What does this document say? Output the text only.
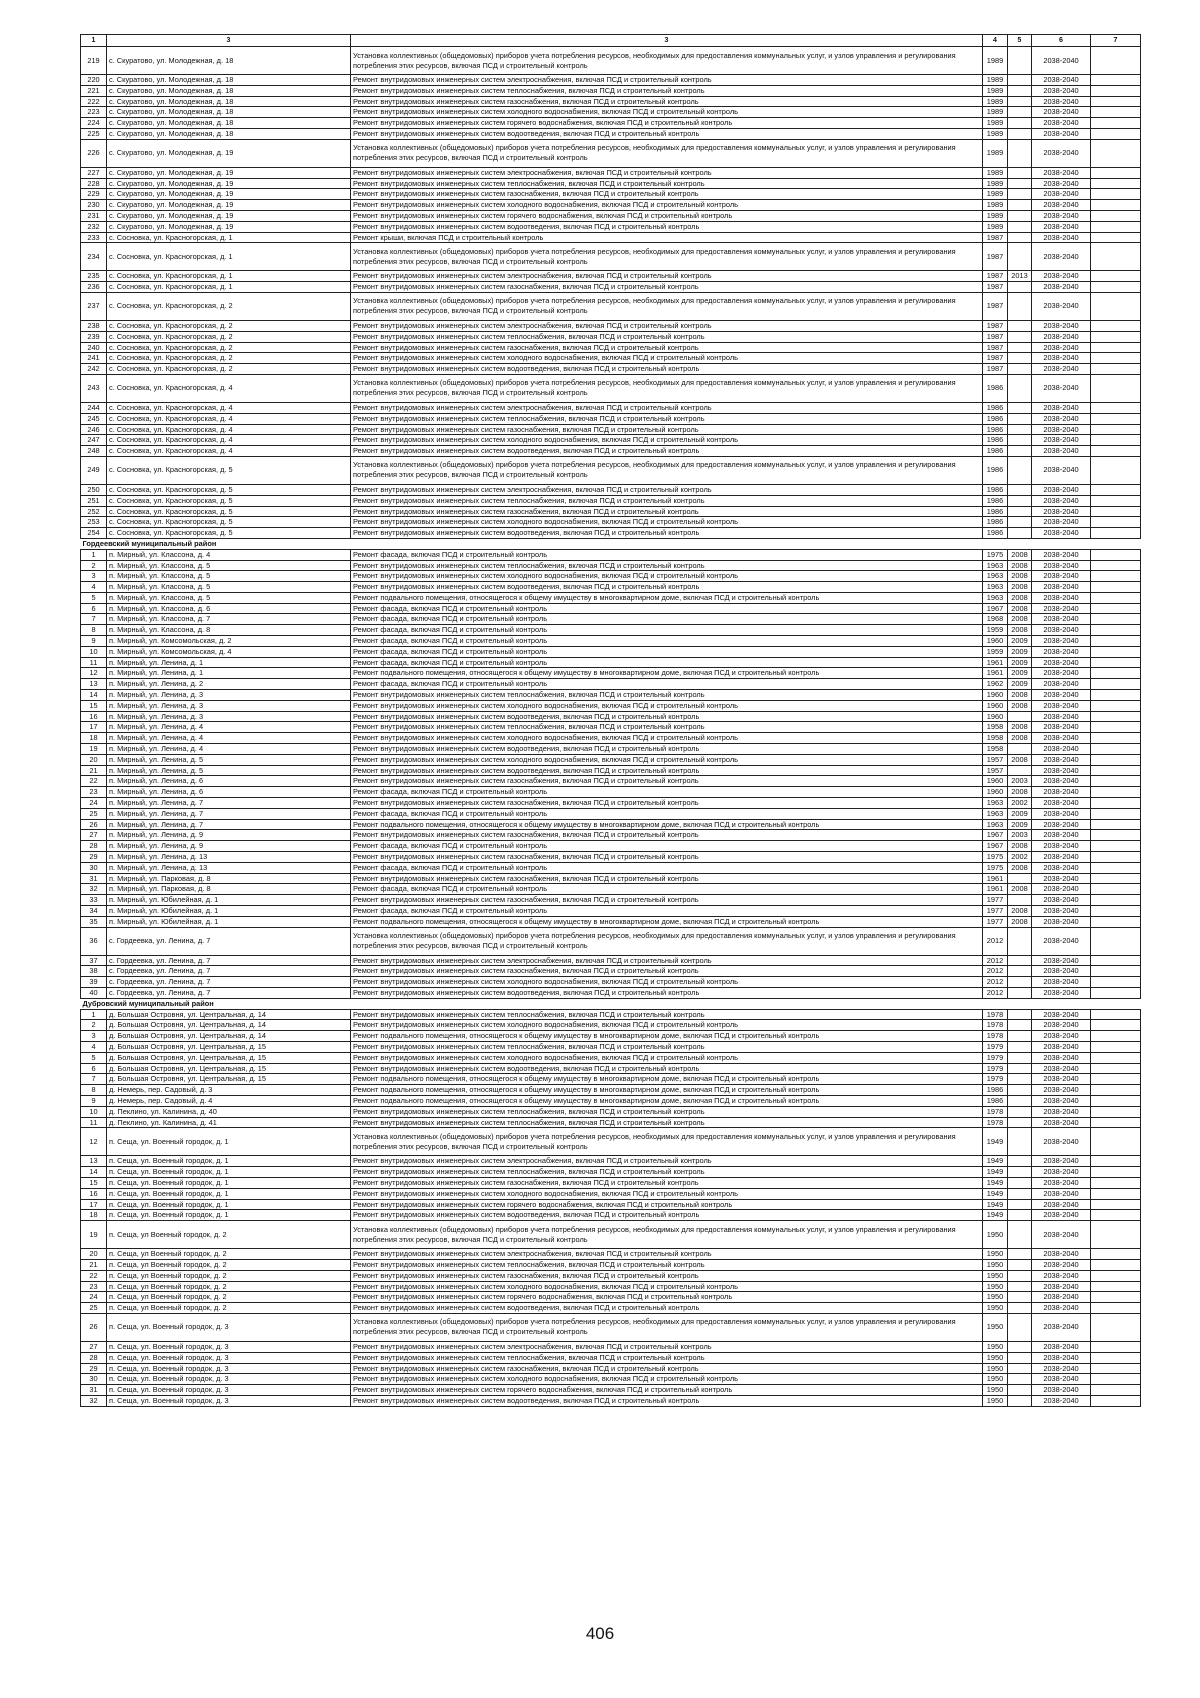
1	3	3	4	5	6	7
219	с. Скуратово, ул. Молодежная, д. 18	Установка коллективных (общедомовых) приборов учета потребления ресурсов, необходимых для предоставления коммунальных услуг, и узлов управления и регулирования потребления этих ресурсов, включая ПСД и строительный контроль	1989		2038-2040	
220	с. Скуратово, ул. Молодежная, д. 18	Ремонт внутридомовых инженерных систем электроснабжения, включая ПСД и строительный контроль	1989		2038-2040	
221	с. Скуратово, ул. Молодежная, д. 18	Ремонт внутридомовых инженерных систем теплоснабжения, включая ПСД и строительный контроль	1989		2038-2040	
222	с. Скуратово, ул. Молодежная, д. 18	Ремонт внутридомовых инженерных систем газоснабжения, включая ПСД и строительный контроль	1989		2038-2040	
223	с. Скуратово, ул. Молодежная, д. 18	Ремонт внутридомовых инженерных систем холодного водоснабжения, включая ПСД и строительный контроль	1989		2038-2040	
224	с. Скуратово, ул. Молодежная, д. 18	Ремонт внутридомовых инженерных систем горячего водоснабжения, включая ПСД и строительный контроль	1989		2038-2040	
225	с. Скуратово, ул. Молодежная, д. 18	Ремонт внутридомовых инженерных систем водоотведения, включая ПСД и строительный контроль	1989		2038-2040	
226	с. Скуратово, ул. Молодежная, д. 19	Установка коллективных (общедомовых) приборов учета потребления ресурсов, необходимых для предоставления коммунальных услуг, и узлов управления и регулирования потребления этих ресурсов, включая ПСД и строительный контроль	1989		2038-2040	
227	с. Скуратово, ул. Молодежная, д. 19	Ремонт внутридомовых инженерных систем электроснабжения, включая ПСД и строительный контроль	1989		2038-2040	
228	с. Скуратово, ул. Молодежная, д. 19	Ремонт внутридомовых инженерных систем теплоснабжения, включая ПСД и строительный контроль	1989		2038-2040	
229	с. Скуратово, ул. Молодежная, д. 19	Ремонт внутридомовых инженерных систем газоснабжения, включая ПСД и строительный контроль	1989		2038-2040	
230	с. Скуратово, ул. Молодежная, д. 19	Ремонт внутридомовых инженерных систем холодного водоснабжения, включая ПСД и строительный контроль	1989		2038-2040	
231	с. Скуратово, ул. Молодежная, д. 19	Ремонт внутридомовых инженерных систем горячего водоснабжения, включая ПСД и строительный контроль	1989		2038-2040	
232	с. Скуратово, ул. Молодежная, д. 19	Ремонт внутридомовых инженерных систем водоотведения, включая ПСД и строительный контроль	1989		2038-2040	
233	с. Сосновка, ул. Красногорская, д. 1	Ремонт крыши, включая ПСД и строительный контроль	1987		2038-2040	
234	с. Сосновка, ул. Красногорская, д. 1	Установка коллективных (общедомовых) приборов учета потребления ресурсов, необходимых для предоставления коммунальных услуг, и узлов управления и регулирования потребления этих ресурсов, включая ПСД и строительный контроль	1987		2038-2040	
235	с. Сосновка, ул. Красногорская, д. 1	Ремонт внутридомовых инженерных систем электроснабжения, включая ПСД и строительный контроль	1987	2013	2038-2040	
236	с. Сосновка, ул. Красногорская, д. 1	Ремонт внутридомовых инженерных систем газоснабжения, включая ПСД и строительный контроль	1987		2038-2040	
237	с. Сосновка, ул. Красногорская, д. 2	Установка коллективных (общедомовых) приборов учета потребления ресурсов, необходимых для предоставления коммунальных услуг, и узлов управления и регулирования потребления этих ресурсов, включая ПСД и строительный контроль	1987		2038-2040	
238	с. Сосновка, ул. Красногорская, д. 2	Ремонт внутридомовых инженерных систем электроснабжения, включая ПСД и строительный контроль	1987		2038-2040	
239	с. Сосновка, ул. Красногорская, д. 2	Ремонт внутридомовых инженерных систем теплоснабжения, включая ПСД и строительный контроль	1987		2038-2040	
240	с. Сосновка, ул. Красногорская, д. 2	Ремонт внутридомовых инженерных систем газоснабжения, включая ПСД и строительный контроль	1987		2038-2040	
241	с. Сосновка, ул. Красногорская, д. 2	Ремонт внутридомовых инженерных систем холодного водоснабжения, включая ПСД и строительный контроль	1987		2038-2040	
242	с. Сосновка, ул. Красногорская, д. 2	Ремонт внутридомовых инженерных систем водоотведения, включая ПСД и строительный контроль	1987		2038-2040	
243	с. Сосновка, ул. Красногорская, д. 4	Установка коллективных (общедомовых) приборов учета потребления ресурсов, необходимых для предоставления коммунальных услуг, и узлов управления и регулирования потребления этих ресурсов, включая ПСД и строительный контроль	1986		2038-2040	
244	с. Сосновка, ул. Красногорская, д. 4	Ремонт внутридомовых инженерных систем электроснабжения, включая ПСД и строительный контроль	1986		2038-2040	
245	с. Сосновка, ул. Красногорская, д. 4	Ремонт внутридомовых инженерных систем теплоснабжения, включая ПСД и строительный контроль	1986		2038-2040	
246	с. Сосновка, ул. Красногорская, д. 4	Ремонт внутридомовых инженерных систем газоснабжения, включая ПСД и строительный контроль	1986		2038-2040	
247	с. Сосновка, ул. Красногорская, д. 4	Ремонт внутридомовых инженерных систем холодного водоснабжения, включая ПСД и строительный контроль	1986		2038-2040	
248	с. Сосновка, ул. Красногорская, д. 4	Ремонт внутридомовых инженерных систем водоотведения, включая ПСД и строительный контроль	1986		2038-2040	
249	с. Сосновка, ул. Красногорская, д. 5	Установка коллективных (общедомовых) приборов учета потребления ресурсов, необходимых для предоставления коммунальных услуг, и узлов управления и регулирования потребления этих ресурсов, включая ПСД и строительный контроль	1986		2038-2040	
250	с. Сосновка, ул. Красногорская, д. 5	Ремонт внутридомовых инженерных систем электроснабжения, включая ПСД и строительный контроль	1986		2038-2040	
251	с. Сосновка, ул. Красногорская, д. 5	Ремонт внутридомовых инженерных систем теплоснабжения, включая ПСД и строительный контроль	1986		2038-2040	
252	с. Сосновка, ул. Красногорская, д. 5	Ремонт внутридомовых инженерных систем газоснабжения, включая ПСД и строительный контроль	1986		2038-2040	
253	с. Сосновка, ул. Красногорская, д. 5	Ремонт внутридомовых инженерных систем холодного водоснабжения, включая ПСД и строительный контроль	1986		2038-2040	
254	с. Сосновка, ул. Красногорская, д. 5	Ремонт внутридомовых инженерных систем водоотведения, включая ПСД и строительный контроль	1986		2038-2040	
Гордеевский муниципальный район						
1	п. Мирный, ул. Классона, д. 4	Ремонт фасада, включая ПСД и строительный контроль	1975	2008	2038-2040	
2	п. Мирный, ул. Классона, д. 5	Ремонт внутридомовых инженерных систем теплоснабжения, включая ПСД и строительный контроль	1963	2008	2038-2040	
3	п. Мирный, ул. Классона, д. 5	Ремонт внутридомовых инженерных систем холодного водоснабжения, включая ПСД и строительный контроль	1963	2008	2038-2040	
4	п. Мирный, ул. Классона, д. 5	Ремонт внутридомовых инженерных систем водоотведения, включая ПСД и строительный контроль	1963	2008	2038-2040	
5	п. Мирный, ул. Классона, д. 5	Ремонт подвального помещения, относящегося к общему имуществу в многоквартирном доме, включая ПСД и строительный контроль	1963	2008	2038-2040	
6	п. Мирный, ул. Классона, д. 6	Ремонт фасада, включая ПСД и строительный контроль	1967	2008	2038-2040	
7	п. Мирный, ул. Классона, д. 7	Ремонт фасада, включая ПСД и строительный контроль	1968	2008	2038-2040	
8	п. Мирный, ул. Классона, д. 8	Ремонт фасада, включая ПСД и строительный контроль	1959	2008	2038-2040	
9	п. Мирный, ул. Комсомольская, д. 2	Ремонт фасада, включая ПСД и строительный контроль	1960	2009	2038-2040	
10	п. Мирный, ул. Комсомольская, д. 4	Ремонт фасада, включая ПСД и строительный контроль	1959	2009	2038-2040	
11	п. Мирный, ул. Ленина, д. 1	Ремонт фасада, включая ПСД и строительный контроль	1961	2009	2038-2040	
12	п. Мирный, ул. Ленина, д. 1	Ремонт подвального помещения, относящегося к общему имуществу в многоквартирном доме, включая ПСД и строительный контроль	1961	2009	2038-2040	
13	п. Мирный, ул. Ленина, д. 2	Ремонт фасада, включая ПСД и строительный контроль	1962	2009	2038-2040	
14	п. Мирный, ул. Ленина, д. 3	Ремонт внутридомовых инженерных систем теплоснабжения, включая ПСД и строительный контроль	1960	2008	2038-2040	
15	п. Мирный, ул. Ленина, д. 3	Ремонт внутридомовых инженерных систем холодного водоснабжения, включая ПСД и строительный контроль	1960	2008	2038-2040	
16	п. Мирный, ул. Ленина, д. 3	Ремонт внутридомовых инженерных систем водоотведения, включая ПСД и строительный контроль	1960		2038-2040	
17	п. Мирный, ул. Ленина, д. 4	Ремонт внутридомовых инженерных систем теплоснабжения, включая ПСД и строительный контроль	1958	2008	2038-2040	
18	п. Мирный, ул. Ленина, д. 4	Ремонт внутридомовых инженерных систем холодного водоснабжения, включая ПСД и строительный контроль	1958	2008	2038-2040	
19	п. Мирный, ул. Ленина, д. 4	Ремонт внутридомовых инженерных систем водоотведения, включая ПСД и строительный контроль	1958		2038-2040	
20	п. Мирный, ул. Ленина, д. 5	Ремонт внутридомовых инженерных систем холодного водоснабжения, включая ПСД и строительный контроль	1957	2008	2038-2040	
21	п. Мирный, ул. Ленина, д. 5	Ремонт внутридомовых инженерных систем водоотведения, включая ПСД и строительный контроль	1957		2038-2040	
22	п. Мирный, ул. Ленина, д. 6	Ремонт внутридомовых инженерных систем газоснабжения, включая ПСД и строительный контроль	1960	2003	2038-2040	
23	п. Мирный, ул. Ленина, д. 6	Ремонт фасада, включая ПСД и строительный контроль	1960	2008	2038-2040	
24	п. Мирный, ул. Ленина, д. 7	Ремонт внутридомовых инженерных систем газоснабжения, включая ПСД и строительный контроль	1963	2002	2038-2040	
25	п. Мирный, ул. Ленина, д. 7	Ремонт фасада, включая ПСД и строительный контроль	1963	2009	2038-2040	
26	п. Мирный, ул. Ленина, д. 7	Ремонт подвального помещения, относящегося к общему имуществу в многоквартирном доме, включая ПСД и строительный контроль	1963	2009	2038-2040	
27	п. Мирный, ул. Ленина, д. 9	Ремонт внутридомовых инженерных систем газоснабжения, включая ПСД и строительный контроль	1967	2003	2038-2040	
28	п. Мирный, ул. Ленина, д. 9	Ремонт фасада, включая ПСД и строительный контроль	1967	2008	2038-2040	
29	п. Мирный, ул. Ленина, д. 13	Ремонт внутридомовых инженерных систем газоснабжения, включая ПСД и строительный контроль	1975	2002	2038-2040	
30	п. Мирный, ул. Ленина, д. 13	Ремонт фасада, включая ПСД и строительный контроль	1975	2008	2038-2040	
31	п. Мирный, ул. Парковая, д. 8	Ремонт внутридомовых инженерных систем газоснабжения, включая ПСД и строительный контроль	1961		2038-2040	
32	п. Мирный, ул. Парковая, д. 8	Ремонт фасада, включая ПСД и строительный контроль	1961	2008	2038-2040	
33	п. Мирный, ул. Юбилейная, д. 1	Ремонт внутридомовых инженерных систем газоснабжения, включая ПСД и строительный контроль	1977		2038-2040	
34	п. Мирный, ул. Юбилейная, д. 1	Ремонт фасада, включая ПСД и строительный контроль	1977	2008	2038-2040	
35	п. Мирный, ул. Юбилейная, д. 1	Ремонт подвального помещения, относящегося к общему имуществу в многоквартирном доме, включая ПСД и строительный контроль	1977	2008	2038-2040	
36	с. Гордеевка, ул. Ленина, д. 7	Установка коллективных (общедомовых) приборов учета потребления ресурсов, необходимых для предоставления коммунальных услуг, и узлов управления и регулирования потребления этих ресурсов, включая ПСД и строительный контроль	2012		2038-2040	
37	с. Гордеевка, ул. Ленина, д. 7	Ремонт внутридомовых инженерных систем электроснабжения, включая ПСД и строительный контроль	2012		2038-2040	
38	с. Гордеевка, ул. Ленина, д. 7	Ремонт внутридомовых инженерных систем газоснабжения, включая ПСД и строительный контроль	2012		2038-2040	
39	с. Гордеевка, ул. Ленина, д. 7	Ремонт внутридомовых инженерных систем холодного водоснабжения, включая ПСД и строительный контроль	2012		2038-2040	
40	с. Гордеевка, ул. Ленина, д. 7	Ремонт внутридомовых инженерных систем водоотведения, включая ПСД и строительный контроль	2012		2038-2040	
Дубровский муниципальный район						
1	д. Большая Островня, ул. Центральная, д. 14	Ремонт внутридомовых инженерных систем теплоснабжения, включая ПСД и строительный контроль	1978		2038-2040	
2	д. Большая Островня, ул. Центральная, д. 14	Ремонт внутридомовых инженерных систем холодного водоснабжения, включая ПСД и строительный контроль	1978		2038-2040	
3	д. Большая Островня, ул. Центральная, д. 14	Ремонт подвального помещения, относящегося к общему имуществу в многоквартирном доме, включая ПСД и строительный контроль	1978		2038-2040	
4	д. Большая Островня, ул. Центральная, д. 15	Ремонт внутридомовых инженерных систем теплоснабжения, включая ПСД и строительный контроль	1979		2038-2040	
5	д. Большая Островня, ул. Центральная, д. 15	Ремонт внутридомовых инженерных систем холодного водоснабжения, включая ПСД и строительный контроль	1979		2038-2040	
6	д. Большая Островня, ул. Центральная, д. 15	Ремонт внутридомовых инженерных систем водоотведения, включая ПСД и строительный контроль	1979		2038-2040	
7	д. Большая Островня, ул. Центральная, д. 15	Ремонт подвального помещения, относящегося к общему имуществу в многоквартирном доме, включая ПСД и строительный контроль	1979		2038-2040	
8	д. Немерь, пер. Садовый, д. 3	Ремонт подвального помещения, относящегося к общему имуществу в многоквартирном доме, включая ПСД и строительный контроль	1986		2038-2040	
9	д. Немерь, пер. Садовый, д. 4	Ремонт подвального помещения, относящегося к общему имуществу в многоквартирном доме, включая ПСД и строительный контроль	1986		2038-2040	
10	д. Пеклино, ул. Калинина, д. 40	Ремонт внутридомовых инженерных систем теплоснабжения, включая ПСД и строительный контроль	1978		2038-2040	
11	д. Пеклино, ул. Калинина, д. 41	Ремонт внутридомовых инженерных систем теплоснабжения, включая ПСД и строительный контроль	1978		2038-2040	
12	п. Сеща, ул. Военный городок, д. 1	Установка коллективных (общедомовых) приборов учета потребления ресурсов, необходимых для предоставления коммунальных услуг, и узлов управления и регулирования потребления этих ресурсов, включая ПСД и строительный контроль	1949		2038-2040	
13	п. Сеща, ул. Военный городок, д. 1	Ремонт внутридомовых инженерных систем электроснабжения, включая ПСД и строительный контроль	1949		2038-2040	
14	п. Сеща, ул. Военный городок, д. 1	Ремонт внутридомовых инженерных систем теплоснабжения, включая ПСД и строительный контроль	1949		2038-2040	
15	п. Сеща, ул. Военный городок, д. 1	Ремонт внутридомовых инженерных систем газоснабжения, включая ПСД и строительный контроль	1949		2038-2040	
16	п. Сеща, ул. Военный городок, д. 1	Ремонт внутридомовых инженерных систем холодного водоснабжения, включая ПСД и строительный контроль	1949		2038-2040	
17	п. Сеща, ул. Военный городок, д. 1	Ремонт внутридомовых инженерных систем горячего водоснабжения, включая ПСД и строительный контроль	1949		2038-2040	
18	п. Сеща, ул. Военный городок, д. 1	Ремонт внутридомовых инженерных систем водоотведения, включая ПСД и строительный контроль	1949		2038-2040	
19	п. Сеща, ул Военный городок, д. 2	Установка коллективных (общедомовых) приборов учета потребления ресурсов, необходимых для предоставления коммунальных услуг, и узлов управления и регулирования потребления этих ресурсов, включая ПСД и строительный контроль	1950		2038-2040	
20	п. Сеща, ул Военный городок, д. 2	Ремонт внутридомовых инженерных систем электроснабжения, включая ПСД и строительный контроль	1950		2038-2040	
21	п. Сеща, ул Военный городок, д. 2	Ремонт внутридомовых инженерных систем теплоснабжения, включая ПСД и строительный контроль	1950		2038-2040	
22	п. Сеща, ул Военный городок, д. 2	Ремонт внутридомовых инженерных систем газоснабжения, включая ПСД и строительный контроль	1950		2038-2040	
23	п. Сеща, ул Военный городок, д. 2	Ремонт внутридомовых инженерных систем холодного водоснабжения, включая ПСД и строительный контроль	1950		2038-2040	
24	п. Сеща, ул Военный городок, д. 2	Ремонт внутридомовых инженерных систем горячего водоснабжения, включая ПСД и строительный контроль	1950		2038-2040	
25	п. Сеща, ул Военный городок, д. 2	Ремонт внутридомовых инженерных систем водоотведения, включая ПСД и строительный контроль	1950		2038-2040	
26	п. Сеща, ул. Военный городок, д. 3	Установка коллективных (общедомовых) приборов учета потребления ресурсов, необходимых для предоставления коммунальных услуг, и узлов управления и регулирования потребления этих ресурсов, включая ПСД и строительный контроль	1950		2038-2040	
27	п. Сеща, ул. Военный городок, д. 3	Ремонт внутридомовых инженерных систем электроснабжения, включая ПСД и строительный контроль	1950		2038-2040	
28	п. Сеща, ул. Военный городок, д. 3	Ремонт внутридомовых инженерных систем теплоснабжения, включая ПСД и строительный контроль	1950		2038-2040	
29	п. Сеща, ул. Военный городок, д. 3	Ремонт внутридомовых инженерных систем газоснабжения, включая ПСД и строительный контроль	1950		2038-2040	
30	п. Сеща, ул. Военный городок, д. 3	Ремонт внутридомовых инженерных систем холодного водоснабжения, включая ПСД и строительный контроль	1950		2038-2040	
31	п. Сеща, ул. Военный городок, д. 3	Ремонт внутридомовых инженерных систем горячего водоснабжения, включая ПСД и строительный контроль	1950		2038-2040	
32	п. Сеща, ул. Военный городок, д. 3	Ремонт внутридомовых инженерных систем водоотведения, включая ПСД и строительный контроль	1950		2038-2040	
406
